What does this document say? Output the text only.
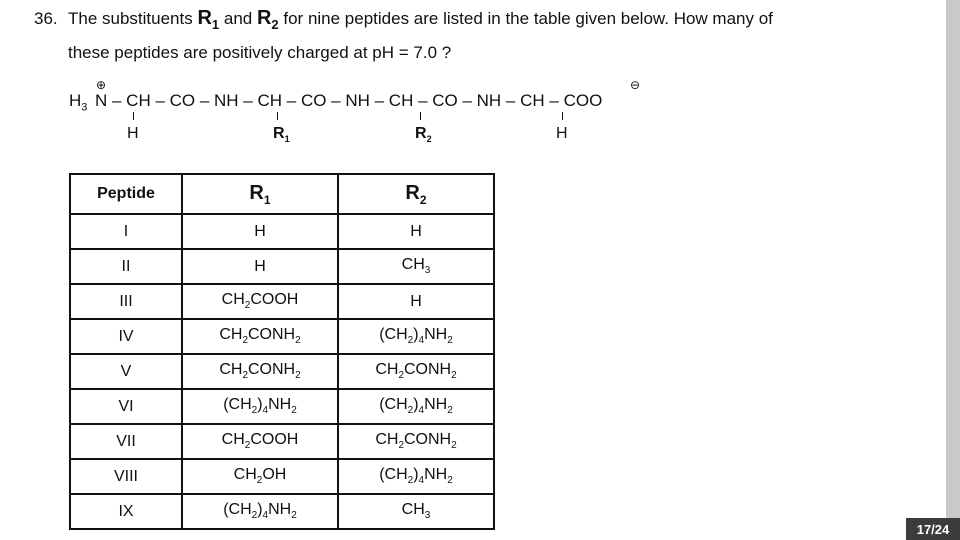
36. The substituents $R_1$ and $R_2$ for nine peptides are listed in the table given below. How many of
these peptides are positively charged at pH = 7.0 ?
⊕
$H_3$ N – CH – CO – NH – CH – CO – NH – CH – CO – NH – CH – COO
⊖
H	$R_1$	$R_2$	H
Peptide	$R_1$	$R_2$
I	H	H
II	H	$CH_3$
III	$CH_2COOH$	H
IV	$CH_2CONH_2$	$(CH_2)_4NH_2$
V	$CH_2CONH_2$	$CH_2CONH_2$
VI	$(CH_2)_4NH_2$	$(CH_2)_4NH_2$
VII	$CH_2COOH$	$CH_2CONH_2$
VIII	$CH_2OH$	$(CH_2)_4NH_2$
IX	$(CH_2)_4NH_2$	$CH_3$
17/24
